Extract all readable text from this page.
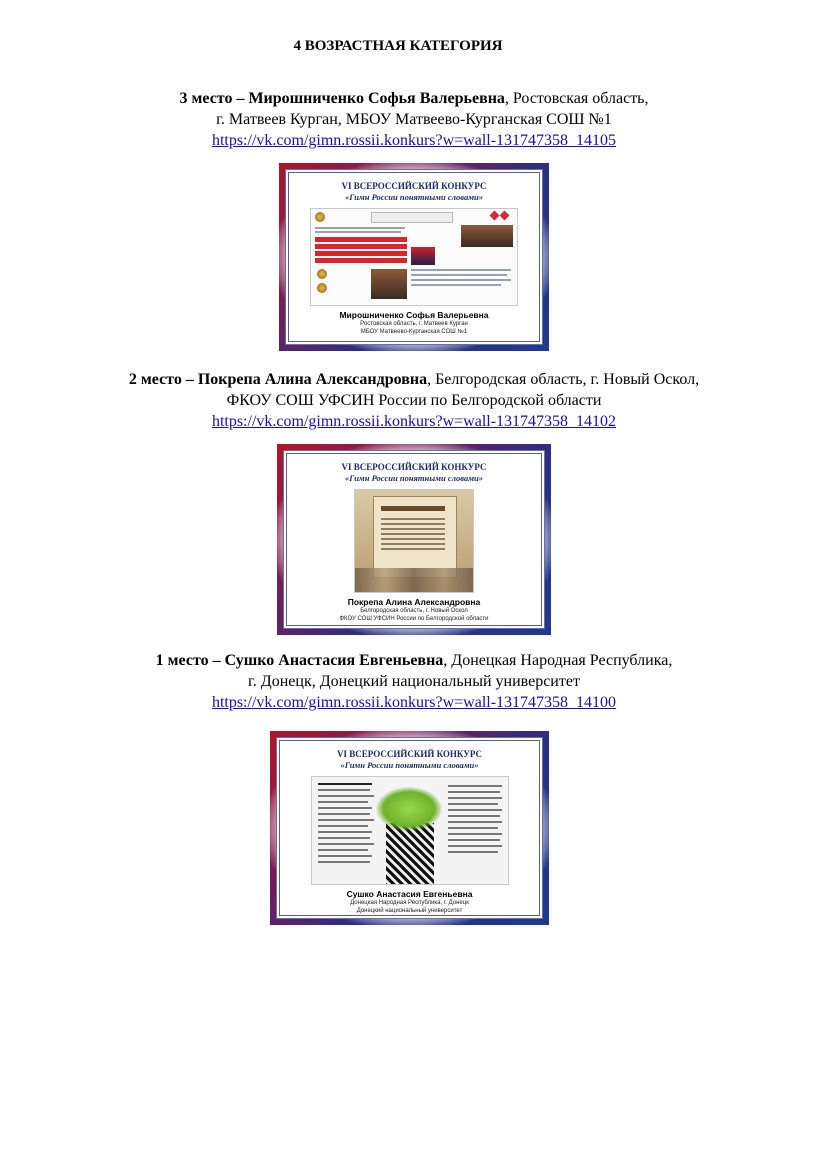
4 ВОЗРАСТНАЯ КАТЕГОРИЯ
3 место – Мирошниченко Софья Валерьевна, Ростовская область,
г. Матвеев Курган, МБОУ Матвеево-Курганская СОШ №1
https://vk.com/gimn.rossii.konkurs?w=wall-131747358_14105
VI ВСЕРОССИЙСКИЙ КОНКУРС
«Гимн России понятными словами»
Мирошниченко Софья Валерьевна
Ростовская область, г. Матвеев Курган
МБОУ Матвеево-Курганская СОШ №1
2 место – Покрепа Алина Александровна, Белгородская область, г. Новый Оскол,
ФКОУ СОШ УФСИН России по Белгородской области
https://vk.com/gimn.rossii.konkurs?w=wall-131747358_14102
VI ВСЕРОССИЙСКИЙ КОНКУРС
«Гимн России понятными словами»
Покрепа Алина Александровна
Белгородская область, г. Новый Оскол
ФКОУ СОШ УФСИН России по Белгородской области
1 место – Сушко Анастасия Евгеньевна, Донецкая Народная Республика,
г. Донецк, Донецкий национальный университет
https://vk.com/gimn.rossii.konkurs?w=wall-131747358_14100
VI ВСЕРОССИЙСКИЙ КОНКУРС
«Гимн России понятными словами»
Сушко Анастасия Евгеньевна
Донецкая Народная Республика, г. Донецк
Донецкий национальный университет
